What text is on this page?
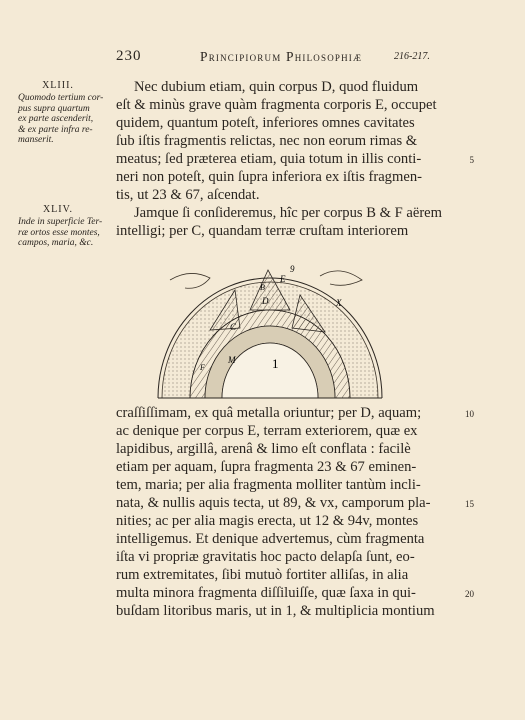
230	Principiorum Philosophiæ	216-217.
XLIII.
Quomodo tertium cor-
pus supra quartum
ex parte ascenderit,
& ex parte infra re-
manserit.
XLIV.
Inde in superficie Ter-
ræ ortos esse montes,
campos, maria, &c.
Nec dubium etiam, quin corpus D, quod fluidum
eſt & minùs grave quàm fragmenta corporis E, occupet
quidem, quantum poteſt, inferiores omnes cavitates
ſub iſtis fragmentis relictas, nec non eorum rimas &
meatus; ſed præterea etiam, quia totum in illis conti-
neri non poteſt, quin ſupra inferiora ex iſtis fragmen-
tis, ut 23 & 67, aſcendat.
Jamque ſi conſideremus, hîc per corpus B & F aërem
intelligi; per C, quandam terræ cruſtam interiorem
1
M
C
D
E
X
9
F
B
craſſiſſimam, ex quâ metalla oriuntur; per D, aquam;
ac denique per corpus E, terram exteriorem, quæ ex
lapidibus, argillâ, arenâ & limo eſt conflata : facilè
etiam per aquam, ſupra fragmenta 23 & 67 eminen-
tem, maria; per alia fragmenta molliter tantùm incli-
nata, & nullis aquis tecta, ut 89, & vx, camporum pla-
nities; ac per alia magis erecta, ut 12 & 94v, montes
intelligemus. Et denique advertemus, cùm fragmenta
iſta vi propriæ gravitatis hoc pacto delapſa ſunt, eo-
rum extremitates, ſibi mutuò fortiter alliſas, in alia
multa minora fragmenta diſſiluiſſe, quæ ſaxa in qui-
buſdam litoribus maris, ut in 1, & multiplicia montium
5
10
15
20
